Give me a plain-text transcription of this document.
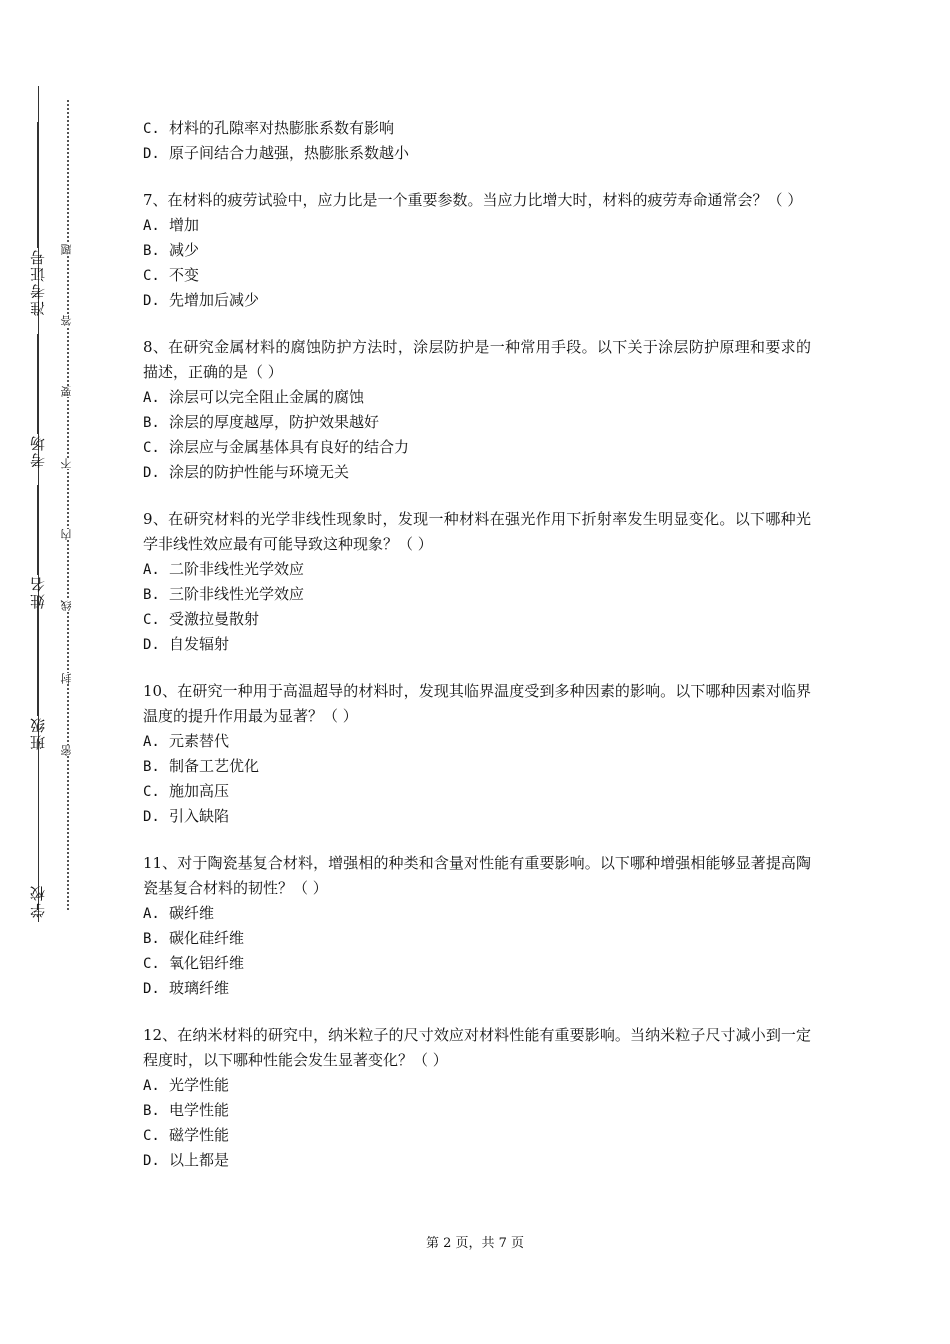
准考证号
考场
姓名
班级
学校
题
答
要
不
内
线
封
密
C. 材料的孔隙率对热膨胀系数有影响
D. 原子间结合力越强，热膨胀系数越小
7、在材料的疲劳试验中，应力比是一个重要参数。当应力比增大时，材料的疲劳寿命通常会？（ ）
A. 增加
B. 减少
C. 不变
D. 先增加后减少
8、在研究金属材料的腐蚀防护方法时，涂层防护是一种常用手段。以下关于涂层防护原理和要求的描述，正确的是（ ）
A. 涂层可以完全阻止金属的腐蚀
B. 涂层的厚度越厚，防护效果越好
C. 涂层应与金属基体具有良好的结合力
D. 涂层的防护性能与环境无关
9、在研究材料的光学非线性现象时，发现一种材料在强光作用下折射率发生明显变化。以下哪种光学非线性效应最有可能导致这种现象？（ ）
A. 二阶非线性光学效应
B. 三阶非线性光学效应
C. 受激拉曼散射
D. 自发辐射
10、在研究一种用于高温超导的材料时，发现其临界温度受到多种因素的影响。以下哪种因素对临界温度的提升作用最为显著？（ ）
A. 元素替代
B. 制备工艺优化
C. 施加高压
D. 引入缺陷
11、对于陶瓷基复合材料，增强相的种类和含量对性能有重要影响。以下哪种增强相能够显著提高陶瓷基复合材料的韧性？（ ）
A. 碳纤维
B. 碳化硅纤维
C. 氧化铝纤维
D. 玻璃纤维
12、在纳米材料的研究中，纳米粒子的尺寸效应对材料性能有重要影响。当纳米粒子尺寸减小到一定程度时，以下哪种性能会发生显著变化？（ ）
A. 光学性能
B. 电学性能
C. 磁学性能
D. 以上都是
第 2 页，共 7 页
